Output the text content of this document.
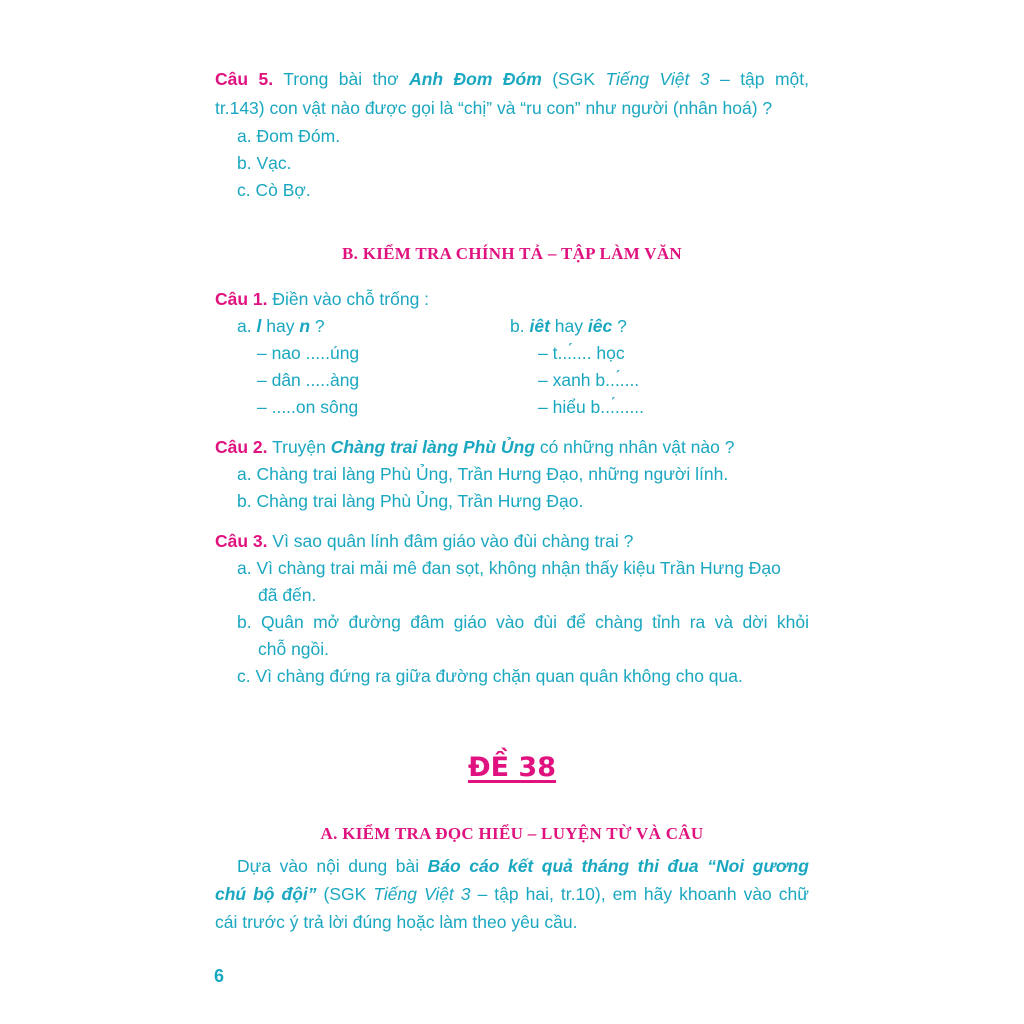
Câu 5. Trong bài thơ Anh Đom Đóm (SGK Tiếng Việt 3 – tập một,
tr.143) con vật nào được gọi là “chị” và “ru con” như người (nhân hoá) ?
a. Đom Đóm.
b. Vạc.
c. Cò Bợ.
B. KIỂM TRA CHÍNH TẢ – TẬP LÀM VĂN
Câu 1. Điền vào chỗ trống :
a. l hay n ?
– nao .....úng
– dân .....àng
– .....on sông
b. iêt hay iêc ?
– t...́.... học
– xanh b...́....
– hiểu b...́......
Câu 2. Truyện Chàng trai làng Phù Ủng có những nhân vật nào ?
a. Chàng trai làng Phù Ủng, Trần Hưng Đạo, những người lính.
b. Chàng trai làng Phù Ủng, Trần Hưng Đạo.
Câu 3. Vì sao quân lính đâm giáo vào đùi chàng trai ?
a. Vì chàng trai mải mê đan sọt, không nhận thấy kiệu Trần Hưng Đạo
đã đến.
b. Quân mở đường đâm giáo vào đùi để chàng tỉnh ra và dời khỏi
chỗ ngồi.
c. Vì chàng đứng ra giữa đường chặn quan quân không cho qua.
ĐỀ 38
A. KIỂM TRA ĐỌC HIỂU – LUYỆN TỪ VÀ CÂU
Dựa vào nội dung bài Báo cáo kết quả tháng thi đua “Noi gương
chú bộ đội” (SGK Tiếng Việt 3 – tập hai, tr.10), em hãy khoanh vào chữ
cái trước ý trả lời đúng hoặc làm theo yêu cầu.
6
